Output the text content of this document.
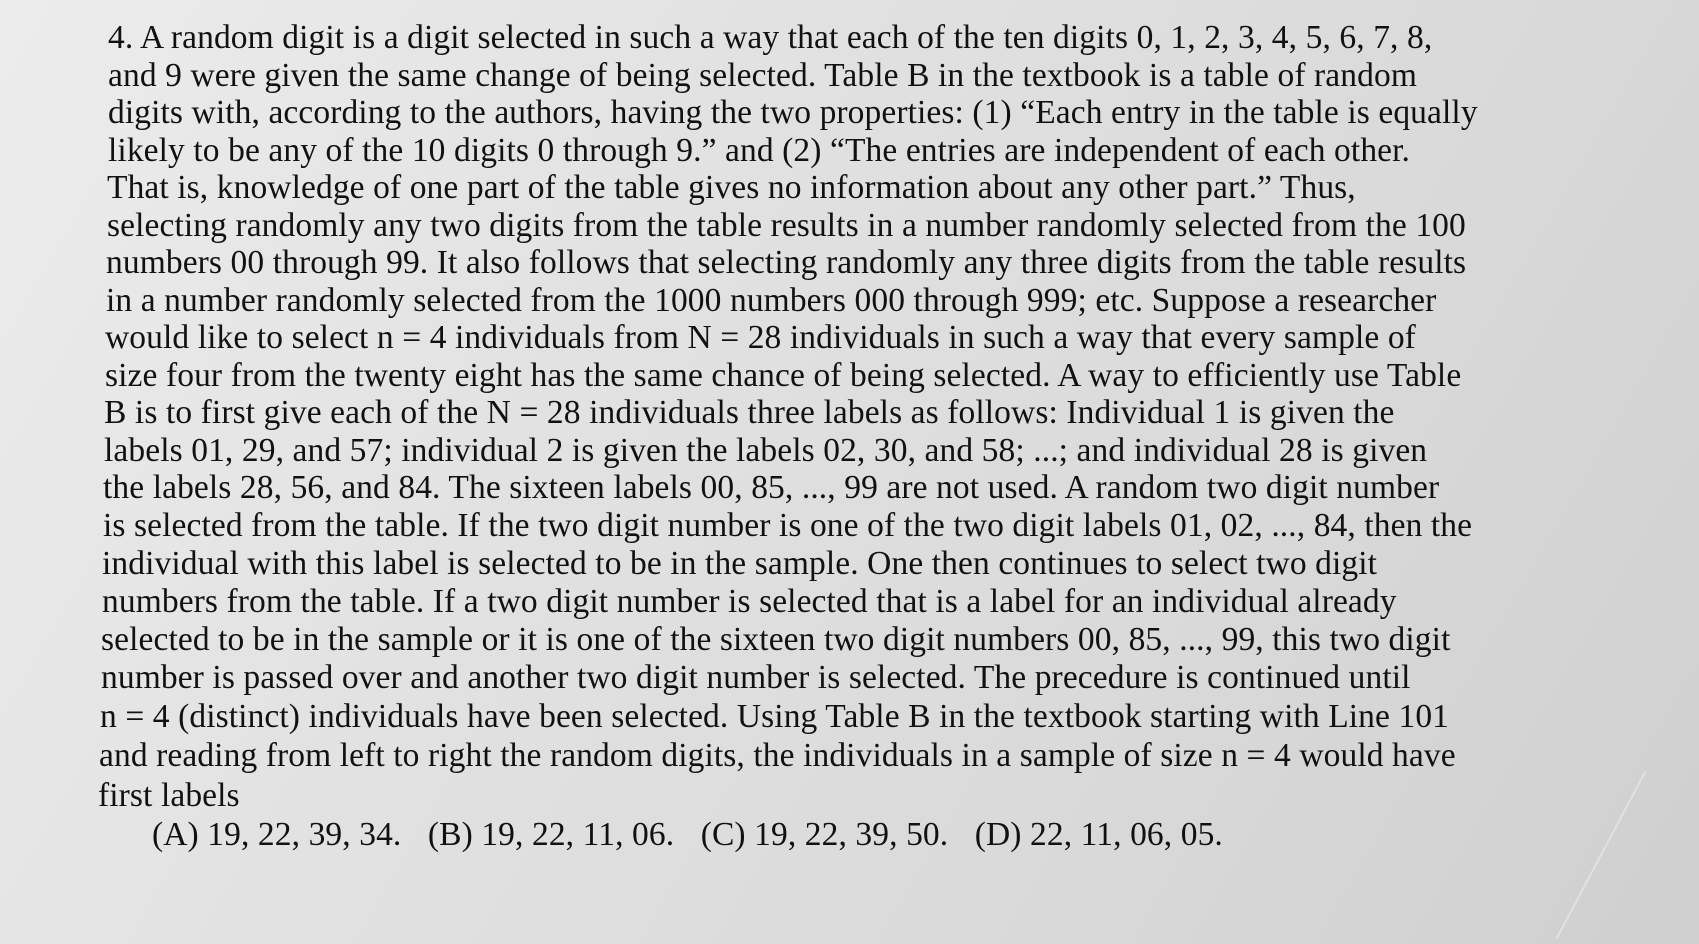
4. A random digit is a digit selected in such a way that each of the ten digits 0, 1, 2, 3, 4, 5, 6, 7, 8,
and 9 were given the same change of being selected. Table B in the textbook is a table of random
digits with, according to the authors, having the two properties: (1) “Each entry in the table is equally
likely to be any of the 10 digits 0 through 9.” and (2) “The entries are independent of each other.
That is, knowledge of one part of the table gives no information about any other part.” Thus,
selecting randomly any two digits from the table results in a number randomly selected from the 100
numbers 00 through 99. It also follows that selecting randomly any three digits from the table results
in a number randomly selected from the 1000 numbers 000 through 999; etc. Suppose a researcher
would like to select n = 4 individuals from N = 28 individuals in such a way that every sample of
size four from the twenty eight has the same chance of being selected. A way to efficiently use Table
B is to first give each of the N = 28 individuals three labels as follows: Individual 1 is given the
labels 01, 29, and 57; individual 2 is given the labels 02, 30, and 58; ...; and individual 28 is given
the labels 28, 56, and 84. The sixteen labels 00, 85, ..., 99 are not used. A random two digit number
is selected from the table. If the two digit number is one of the two digit labels 01, 02, ..., 84, then the
individual with this label is selected to be in the sample. One then continues to select two digit
numbers from the table. If a two digit number is selected that is a label for an individual already
selected to be in the sample or it is one of the sixteen two digit numbers 00, 85, ..., 99, this two digit
number is passed over and another two digit number is selected. The precedure is continued until
n = 4 (distinct) individuals have been selected. Using Table B in the textbook starting with Line 101
and reading from left to right the random digits, the individuals in a sample of size n = 4 would have
first labels
(A) 19, 22, 39, 34. (B) 19, 22, 11, 06. (C) 19, 22, 39, 50. (D) 22, 11, 06, 05.
